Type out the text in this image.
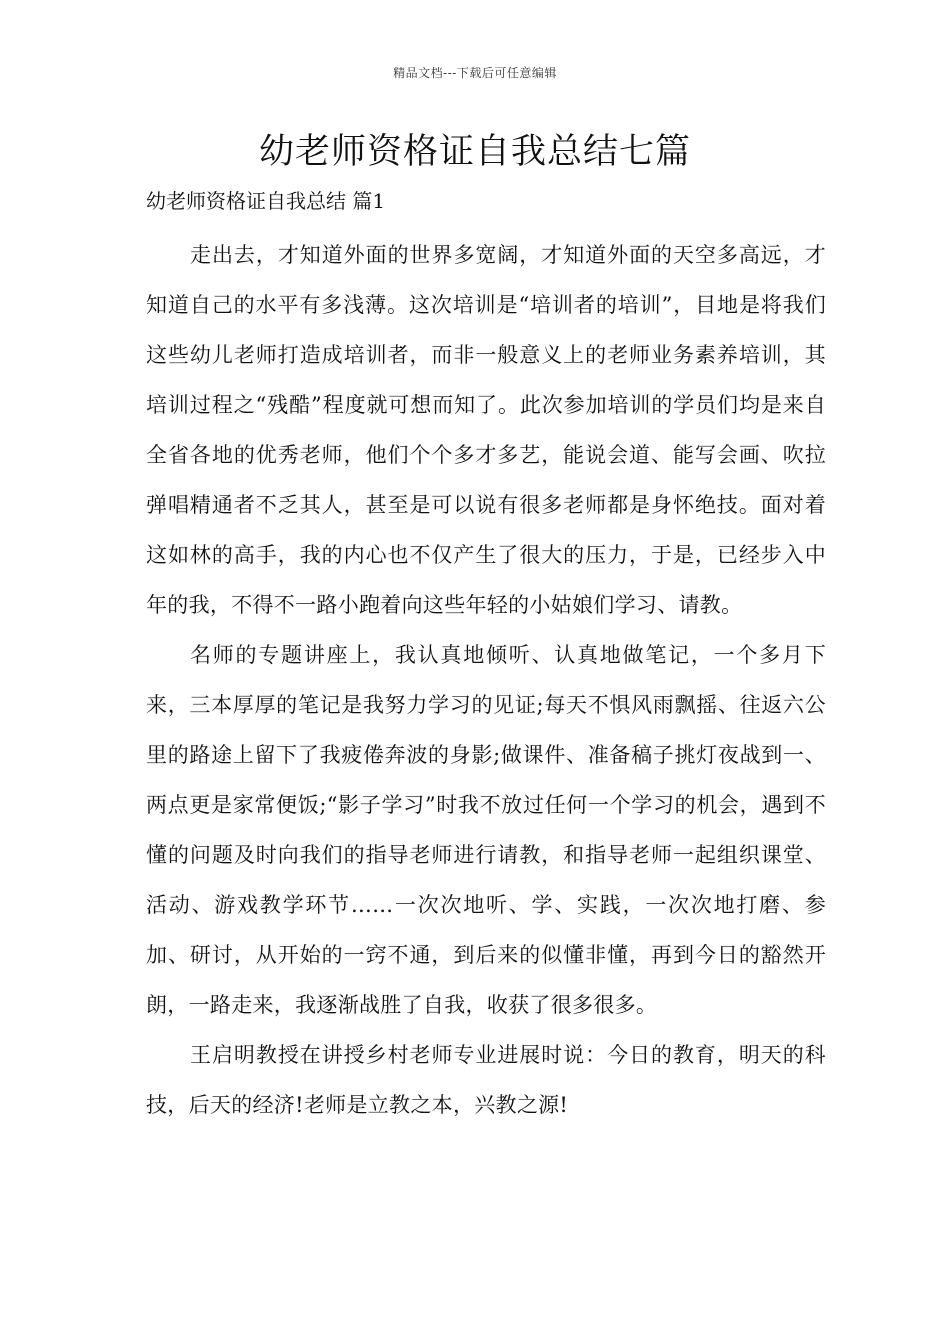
精品文档---下载后可任意编辑
幼老师资格证自我总结七篇
幼老师资格证自我总结 篇1

走出去，才知道外面的世界多宽阔，才知道外面的天空多高远，才知道自己的水平有多浅薄。这次培训是“培训者的培训”，目地是将我们这些幼儿老师打造成培训者，而非一般意义上的老师业务素养培训，其培训过程之“残酷”程度就可想而知了。此次参加培训的学员们均是来自全省各地的优秀老师，他们个个多才多艺，能说会道、能写会画、吹拉弹唱精通者不乏其人，甚至是可以说有很多老师都是身怀绝技。面对着这如林的高手，我的内心也不仅产生了很大的压力，于是，已经步入中年的我，不得不一路小跑着向这些年轻的小姑娘们学习、请教。

名师的专题讲座上，我认真地倾听、认真地做笔记，一个多月下来，三本厚厚的笔记是我努力学习的见证;每天不惧风雨飘摇、往返六公里的路途上留下了我疲倦奔波的身影;做课件、准备稿子挑灯夜战到一、两点更是家常便饭;“影子学习”时我不放过任何一个学习的机会，遇到不懂的问题及时向我们的指导老师进行请教，和指导老师一起组织课堂、活动、游戏教学环节……一次次地听、学、实践，一次次地打磨、参加、研讨，从开始的一窍不通，到后来的似懂非懂，再到今日的豁然开朗，一路走来，我逐渐战胜了自我，收获了很多很多。

王启明教授在讲授乡村老师专业进展时说：今日的教育，明天的科技，后天的经济!老师是立教之本，兴教之源!
